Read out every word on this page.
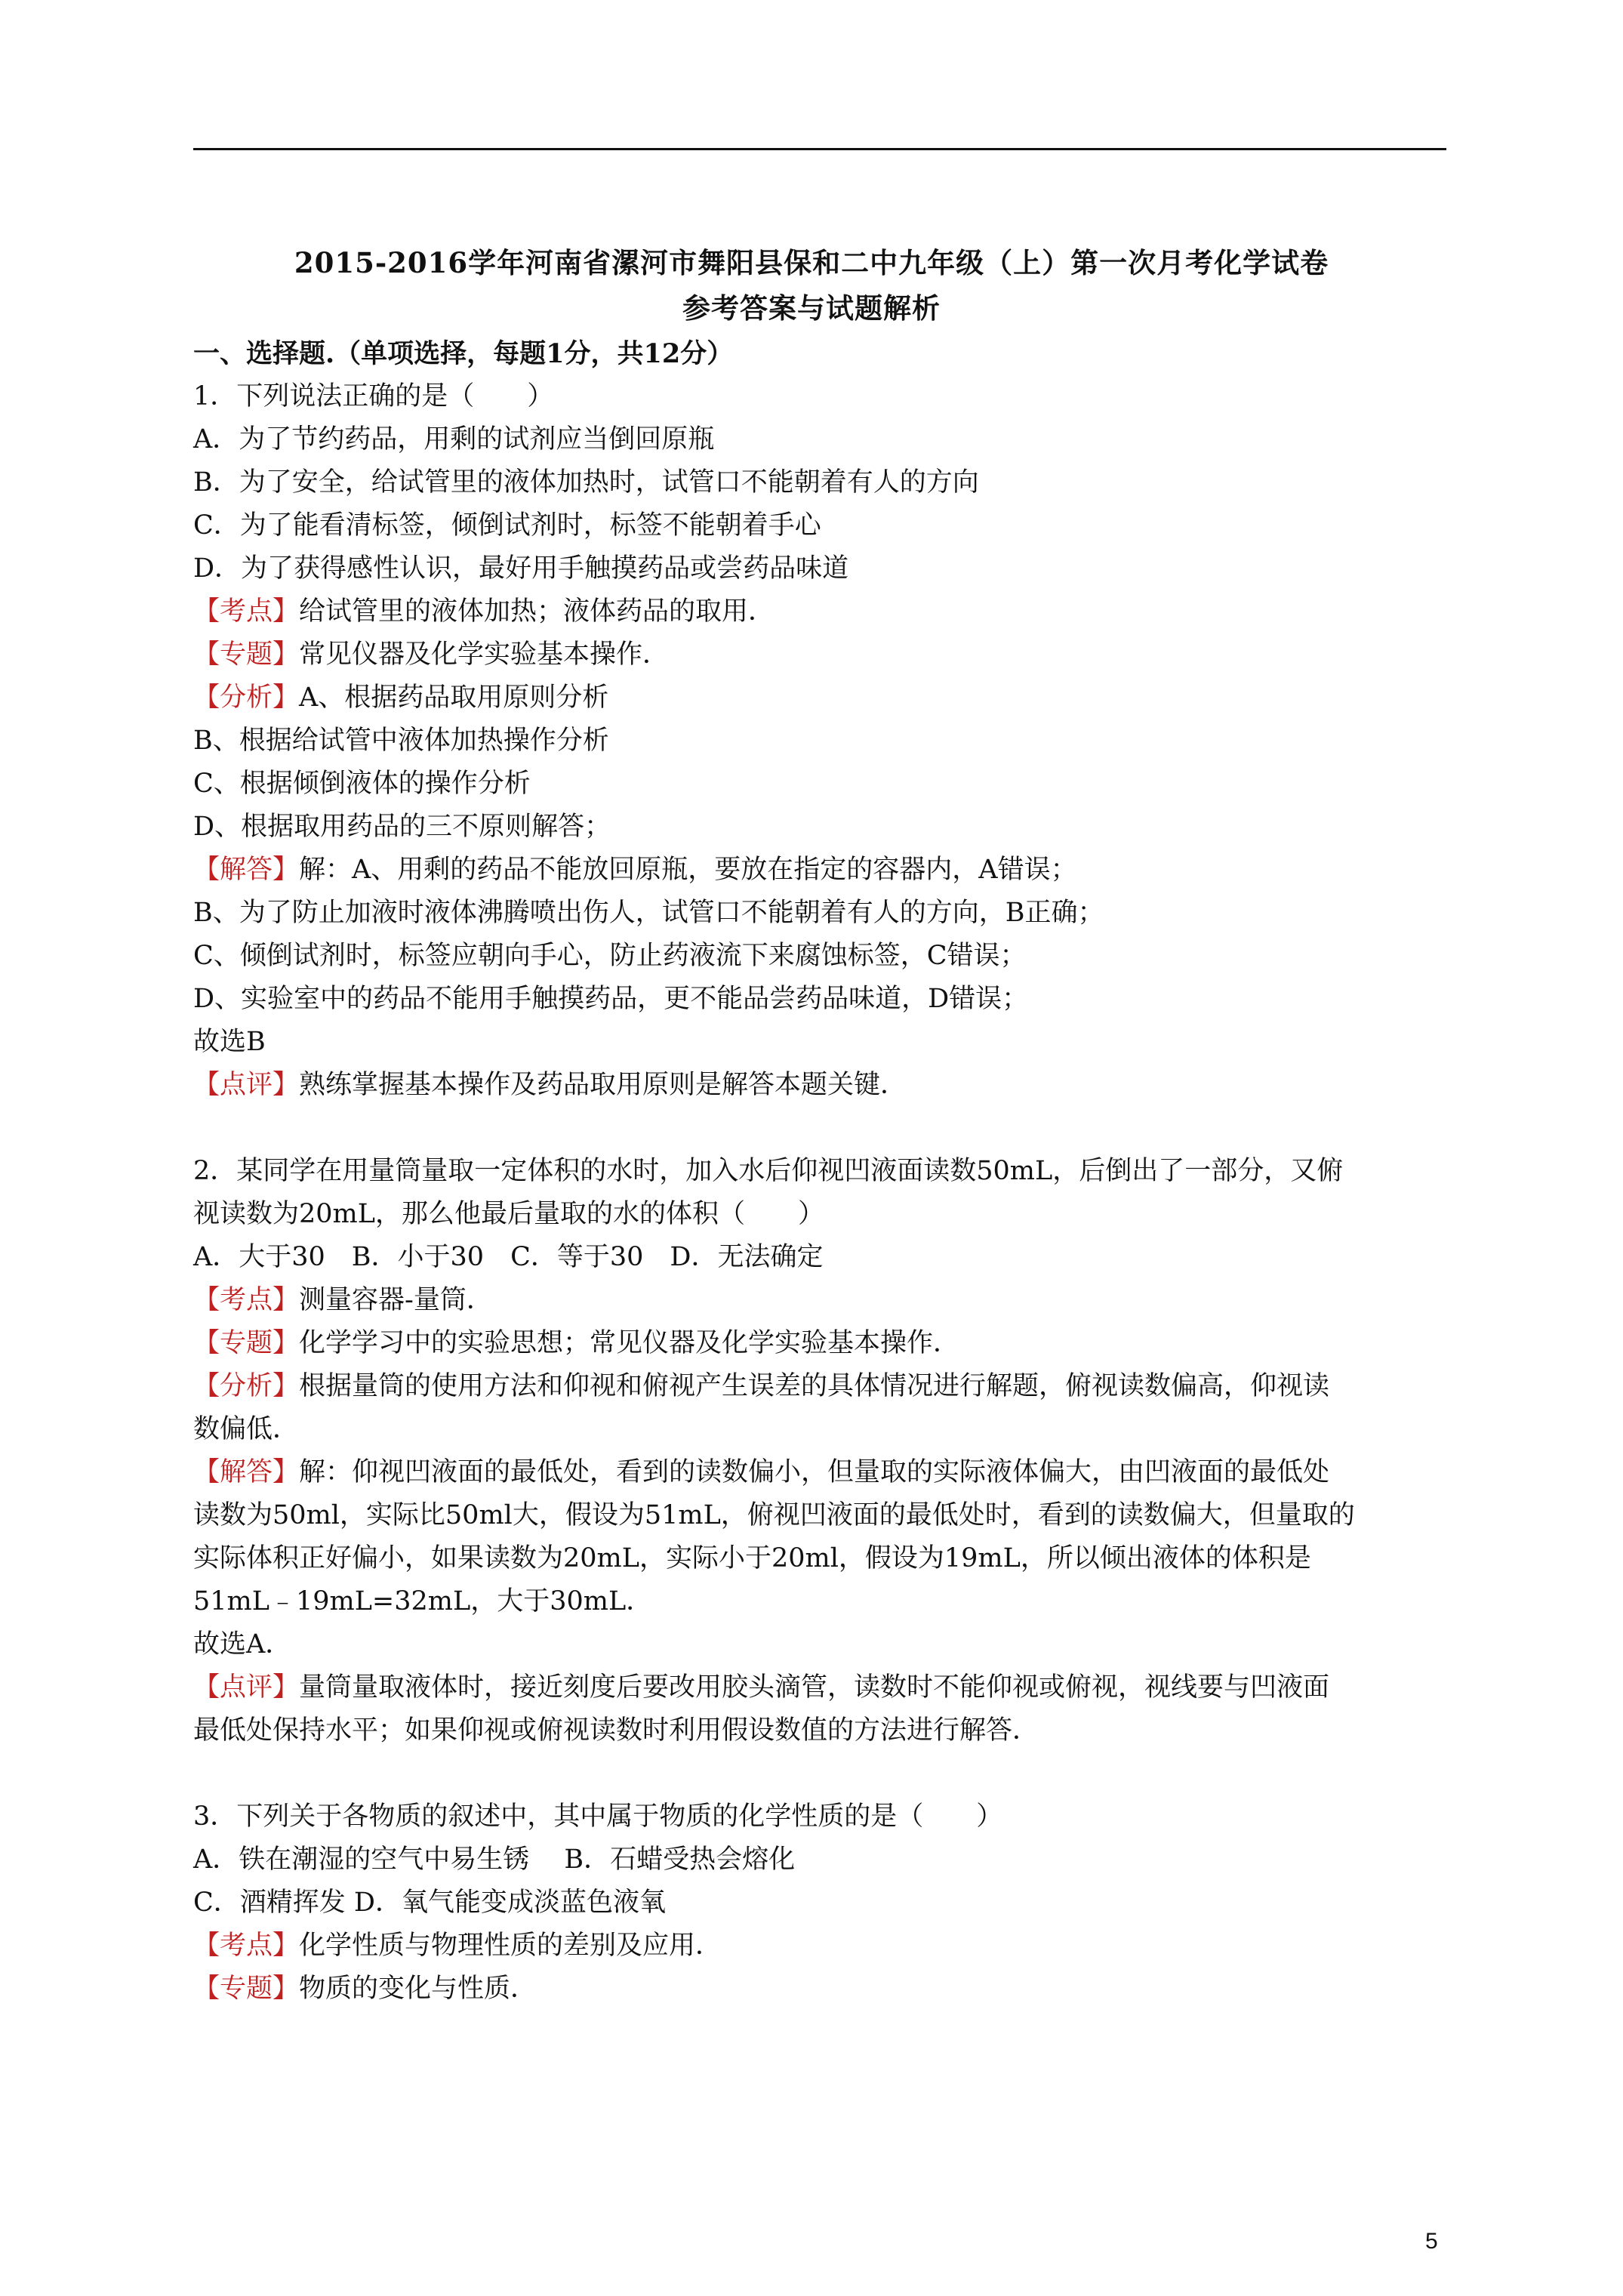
2015-2016学年河南省漯河市舞阳县保和二中九年级（上）第一次月考化学试卷
参考答案与试题解析
一、选择题.（单项选择，每题1分，共12分）
1．下列说法正确的是（　　）
A．为了节约药品，用剩的试剂应当倒回原瓶
B．为了安全，给试管里的液体加热时，试管口不能朝着有人的方向
C．为了能看清标签，倾倒试剂时，标签不能朝着手心
D．为了获得感性认识，最好用手触摸药品或尝药品味道
【考点】给试管里的液体加热；液体药品的取用．
【专题】常见仪器及化学实验基本操作．
【分析】A、根据药品取用原则分析
B、根据给试管中液体加热操作分析
C、根据倾倒液体的操作分析
D、根据取用药品的三不原则解答；
【解答】解：A、用剩的药品不能放回原瓶，要放在指定的容器内，A错误；
B、为了防止加液时液体沸腾喷出伤人，试管口不能朝着有人的方向，B正确；
C、倾倒试剂时，标签应朝向手心，防止药液流下来腐蚀标签，C错误；
D、实验室中的药品不能用手触摸药品，更不能品尝药品味道，D错误；
故选B
【点评】熟练掌握基本操作及药品取用原则是解答本题关键．
2．某同学在用量筒量取一定体积的水时，加入水后仰视凹液面读数50mL，后倒出了一部分，又俯
视读数为20mL，那么他最后量取的水的体积（　　）
A．大于30　B．小于30　C．等于30　D．无法确定
【考点】测量容器-量筒．
【专题】化学学习中的实验思想；常见仪器及化学实验基本操作．
【分析】根据量筒的使用方法和仰视和俯视产生误差的具体情况进行解题，俯视读数偏高，仰视读
数偏低．
【解答】解：仰视凹液面的最低处，看到的读数偏小，但量取的实际液体偏大，由凹液面的最低处
读数为50ml，实际比50ml大，假设为51mL，俯视凹液面的最低处时，看到的读数偏大，但量取的
实际体积正好偏小，如果读数为20mL，实际小于20ml，假设为19mL，所以倾出液体的体积是
51mL﹣19mL=32mL，大于30mL．
故选A．
【点评】量筒量取液体时，接近刻度后要改用胶头滴管，读数时不能仰视或俯视，视线要与凹液面
最低处保持水平；如果仰视或俯视读数时利用假设数值的方法进行解答．
3．下列关于各物质的叙述中，其中属于物质的化学性质的是（　　）
A．铁在潮湿的空气中易生锈　 B．石蜡受热会熔化
C．酒精挥发 D．氧气能变成淡蓝色液氧
【考点】化学性质与物理性质的差别及应用．
【专题】物质的变化与性质．
5
